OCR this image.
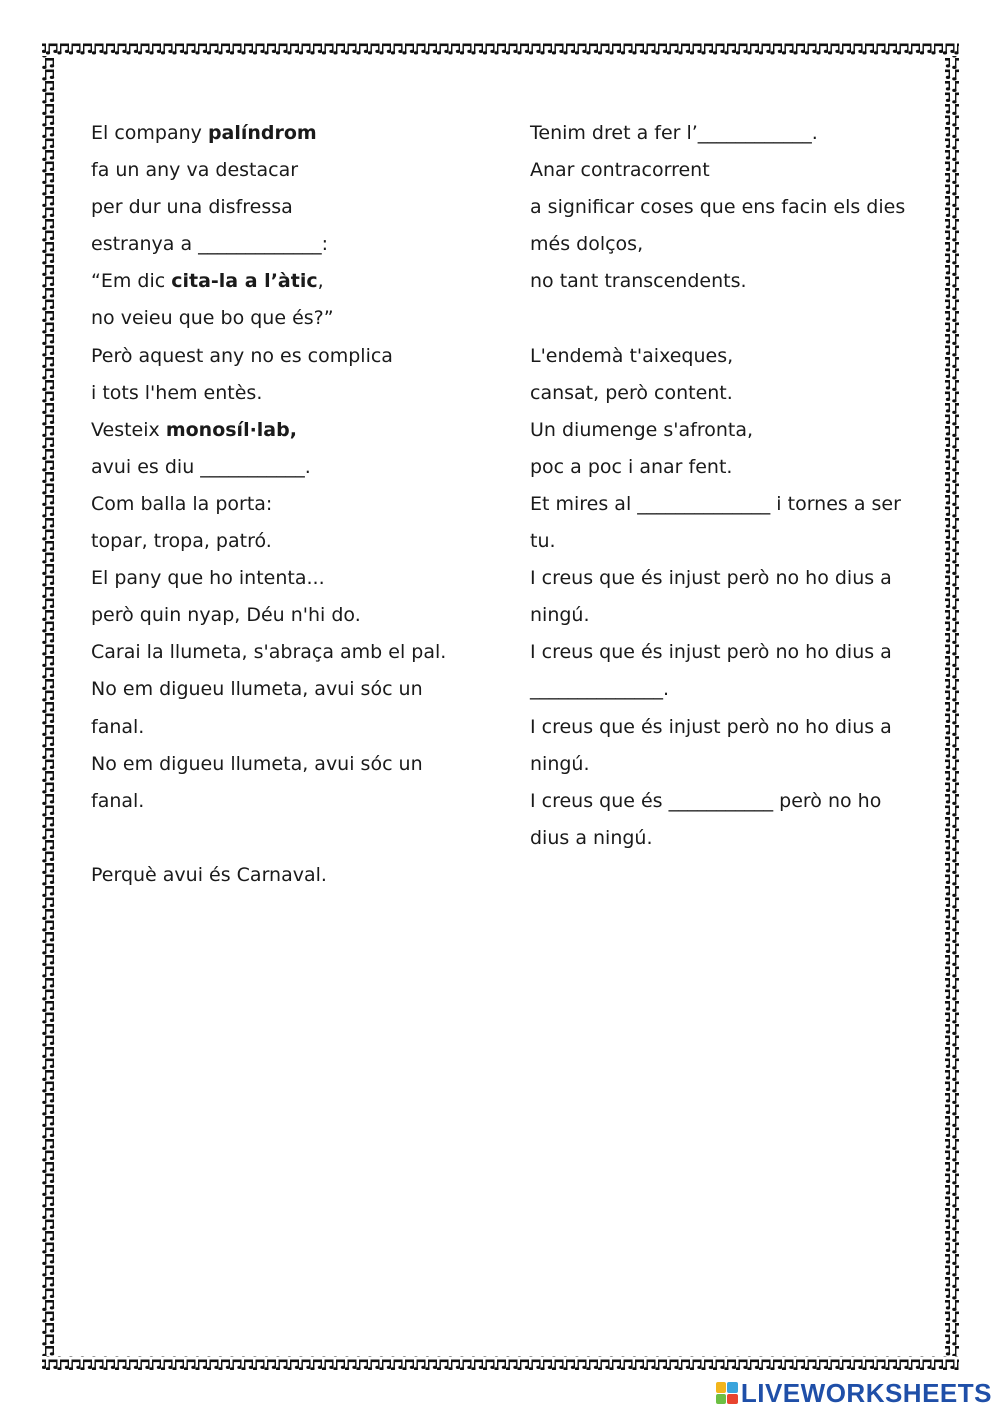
El company palíndrom
fa un any va destacar
per dur una disfressa
estranya a _____________:
“Em dic cita-la a l’àtic,
no veieu que bo que és?”
Però aquest any no es complica
i tots l'hem entès.
Vesteix monosíl·lab,
avui es diu ___________.
Com balla la porta:
topar, tropa, patró.
El pany que ho intenta...
però quin nyap, Déu n'hi do.
Carai la llumeta, s'abraça amb el pal.
No em digueu llumeta, avui sóc un
fanal.
No em digueu llumeta, avui sóc un
fanal.
Perquè avui és Carnaval.
Tenim dret a fer l’____________.
Anar contracorrent
a significar coses que ens facin els dies
més dolços,
no tant transcendents.
L'endemà t'aixeques,
cansat, però content.
Un diumenge s'afronta,
poc a poc i anar fent.
Et mires al ______________ i tornes a ser
tu.
I creus que és injust però no ho dius a
ningú.
I creus que és injust però no ho dius a
______________.
I creus que és injust però no ho dius a
ningú.
I creus que és ___________ però no ho
dius a ningú.
LIVEWORKSHEETS
